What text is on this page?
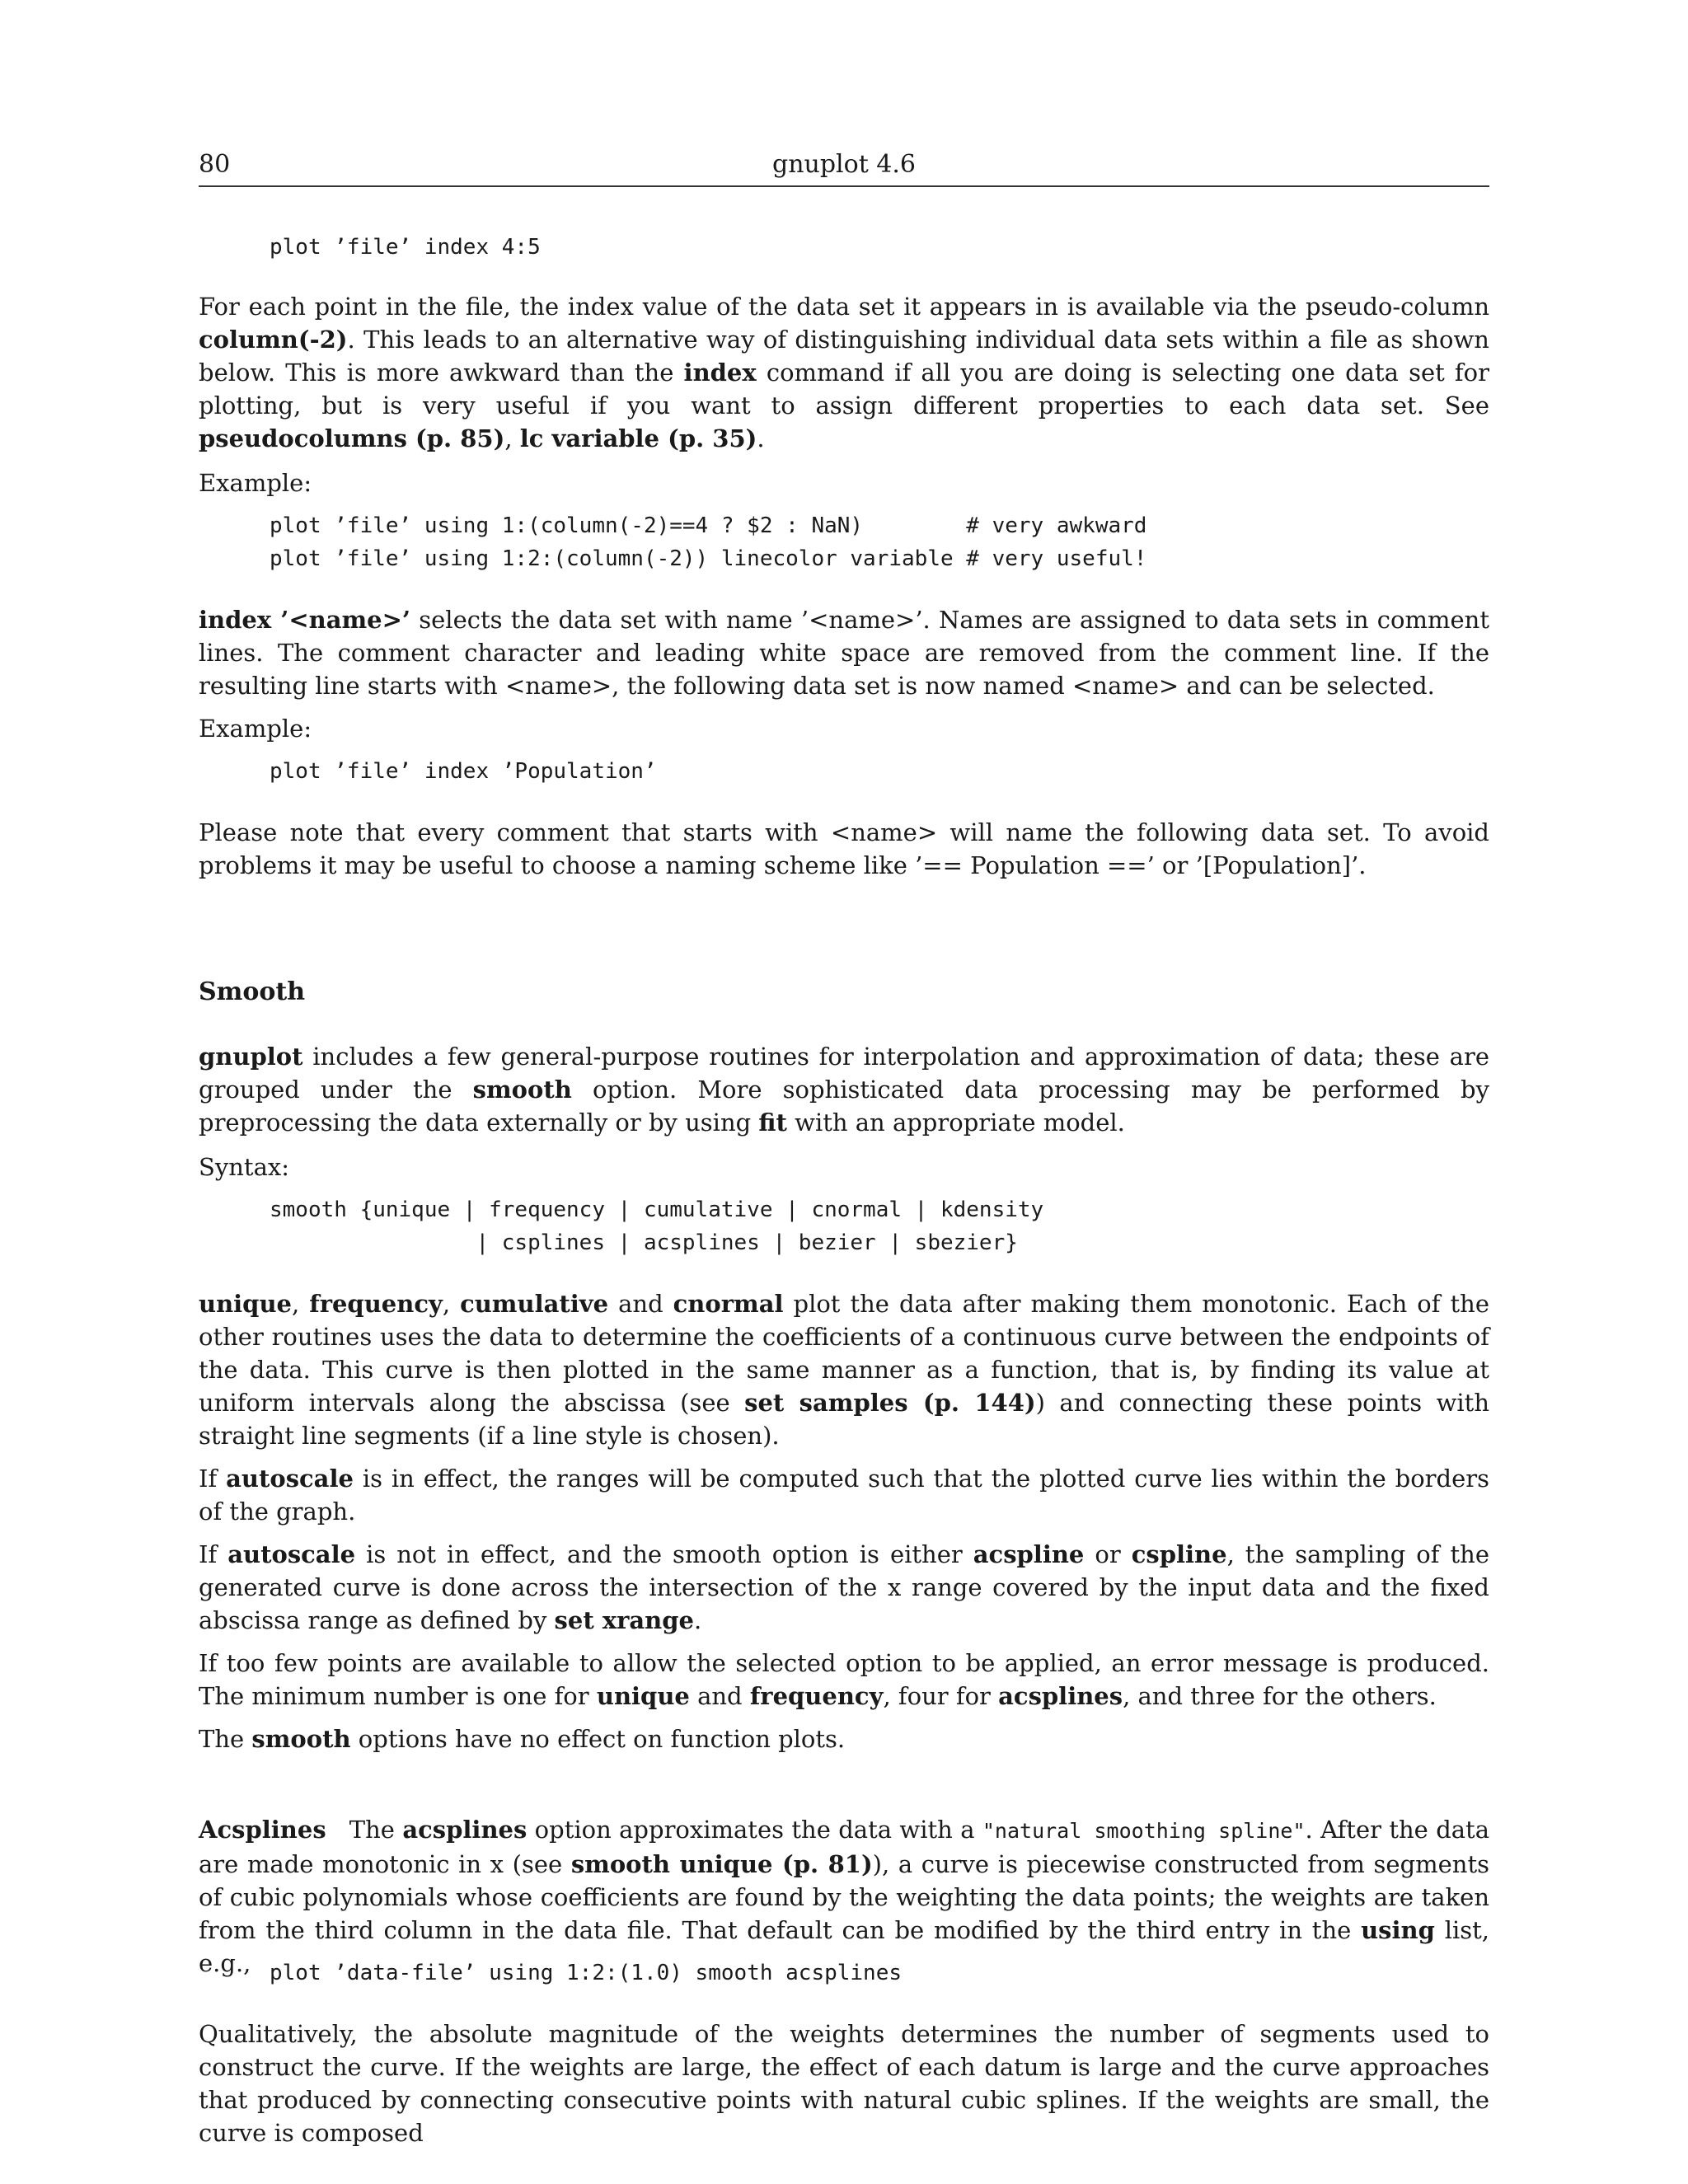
80	gnuplot 4.6
plot ’file’ index 4:5

For each point in the file, the index value of the data set it appears in is available via the pseudo-column column(-2). This leads to an alternative way of distinguishing individual data sets within a file as shown below. This is more awkward than the index command if all you are doing is selecting one data set for plotting, but is very useful if you want to assign different properties to each data set. See pseudocolumns (p. 85), lc variable (p. 35).

Example:

plot ’file’ using 1:(column(-2)==4 ? $2 : NaN)        # very awkward
plot ’file’ using 1:2:(column(-2)) linecolor variable # very useful!

index ’<name>’ selects the data set with name ’<name>’. Names are assigned to data sets in comment lines. The comment character and leading white space are removed from the comment line. If the resulting line starts with <name>, the following data set is now named <name> and can be selected.

Example:

plot ’file’ index ’Population’

Please note that every comment that starts with <name> will name the following data set. To avoid problems it may be useful to choose a naming scheme like ’== Population ==’ or ’[Population]’.

Smooth

gnuplot includes a few general-purpose routines for interpolation and approximation of data; these are grouped under the smooth option. More sophisticated data processing may be performed by preprocessing the data externally or by using fit with an appropriate model.

Syntax:

smooth {unique | frequency | cumulative | cnormal | kdensity
| csplines | acsplines | bezier | sbezier}

unique, frequency, cumulative and cnormal plot the data after making them monotonic. Each of the other routines uses the data to determine the coefficients of a continuous curve between the endpoints of the data. This curve is then plotted in the same manner as a function, that is, by finding its value at uniform intervals along the abscissa (see set samples (p. 144)) and connecting these points with straight line segments (if a line style is chosen).

If autoscale is in effect, the ranges will be computed such that the plotted curve lies within the borders of the graph.

If autoscale is not in effect, and the smooth option is either acspline or cspline, the sampling of the generated curve is done across the intersection of the x range covered by the input data and the fixed abscissa range as defined by set xrange.

If too few points are available to allow the selected option to be applied, an error message is produced. The minimum number is one for unique and frequency, four for acsplines, and three for the others.

The smooth options have no effect on function plots.

Acsplines   The acsplines option approximates the data with a "natural smoothing spline". After the data are made monotonic in x (see smooth unique (p. 81)), a curve is piecewise constructed from segments of cubic polynomials whose coefficients are found by the weighting the data points; the weights are taken from the third column in the data file. That default can be modified by the third entry in the using list, e.g., plot ’data-file’ using 1:2:(1.0) smooth acsplines

Qualitatively, the absolute magnitude of the weights determines the number of segments used to construct the curve. If the weights are large, the effect of each datum is large and the curve approaches that produced by connecting consecutive points with natural cubic splines. If the weights are small, the curve is composed
